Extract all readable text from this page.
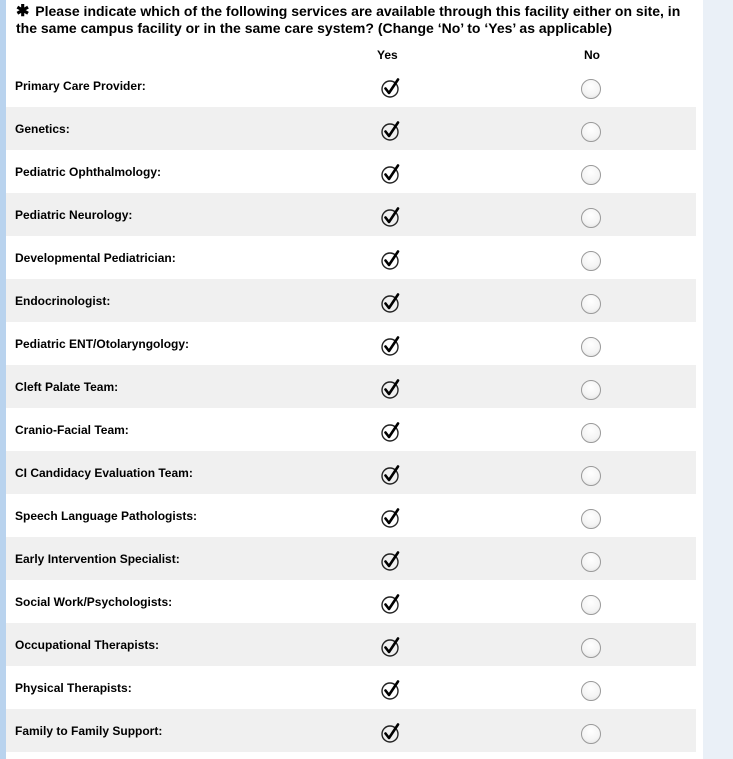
✱ Please indicate which of the following services are available through this facility either on site, in the same campus facility or in the same care system? (Change ‘No’ to ‘Yes’ as applicable)
Yes	No
Primary Care Provider:
Genetics:
Pediatric Ophthalmology:
Pediatric Neurology:
Developmental Pediatrician:
Endocrinologist:
Pediatric ENT/Otolaryngology:
Cleft Palate Team:
Cranio-Facial Team:
CI Candidacy Evaluation Team:
Speech Language Pathologists:
Early Intervention Specialist:
Social Work/Psychologists:
Occupational Therapists:
Physical Therapists:
Family to Family Support:
